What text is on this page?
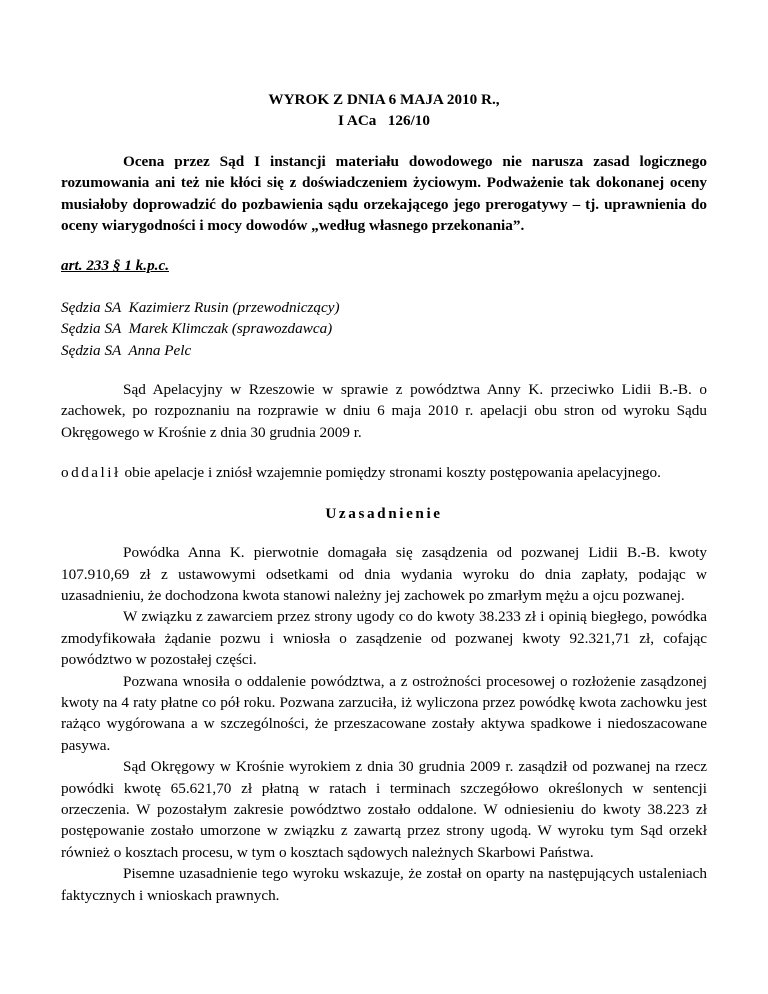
WYROK Z DNIA 6 MAJA 2010 R.,
I ACa   126/10
Ocena przez Sąd I instancji materiału dowodowego nie narusza zasad logicznego rozumowania ani też nie kłóci się z doświadczeniem życiowym. Podważenie tak dokonanej oceny musiałoby doprowadzić do pozbawienia sądu orzekającego jego prerogatywy – tj. uprawnienia do oceny wiarygodności i mocy dowodów „według własnego przekonania”.
art. 233 § 1 k.p.c.
Sędzia SA  Kazimierz Rusin (przewodniczący)
Sędzia SA  Marek Klimczak (sprawozdawca)
Sędzia SA  Anna Pelc

Sąd Apelacyjny w Rzeszowie w sprawie z powództwa Anny K. przeciwko Lidii B.-B. o zachowek, po rozpoznaniu na rozprawie w dniu 6 maja 2010 r. apelacji obu stron od wyroku Sądu Okręgowego w Krośnie z dnia 30 grudnia 2009 r.

oddalił obie apelacje i zniósł wzajemnie pomiędzy stronami koszty postępowania apelacyjnego.

Uzasadnienie

Powódka Anna K. pierwotnie domagała się zasądzenia od pozwanej Lidii B.-B. kwoty 107.910,69 zł z ustawowymi odsetkami od dnia wydania wyroku do dnia zapłaty, podając w uzasadnieniu, że dochodzona kwota stanowi należny jej zachowek po zmarłym mężu a ojcu pozwanej.

W związku z zawarciem przez strony ugody co do kwoty 38.233 zł i opinią biegłego, powódka zmodyfikowała żądanie pozwu i wniosła o zasądzenie od pozwanej kwoty 92.321,71 zł, cofając powództwo w pozostałej części.

Pozwana wnosiła o oddalenie powództwa, a z ostrożności procesowej o rozłożenie zasądzonej kwoty na 4 raty płatne co pół roku. Pozwana zarzuciła, iż wyliczona przez powódkę kwota zachowku jest rażąco wygórowana a w szczególności, że przeszacowane zostały aktywa spadkowe i niedoszacowane pasywa.

Sąd Okręgowy w Krośnie wyrokiem z dnia 30 grudnia 2009 r. zasądził od pozwanej na rzecz powódki kwotę 65.621,70 zł płatną w ratach i terminach szczegółowo określonych w sentencji orzeczenia. W pozostałym zakresie powództwo zostało oddalone. W odniesieniu do kwoty 38.223 zł postępowanie zostało umorzone w związku z zawartą przez strony ugodą. W wyroku tym Sąd orzekł również o kosztach procesu, w tym o kosztach sądowych należnych Skarbowi Państwa.

Pisemne uzasadnienie tego wyroku wskazuje, że został on oparty na następujących ustaleniach faktycznych i wnioskach prawnych.
